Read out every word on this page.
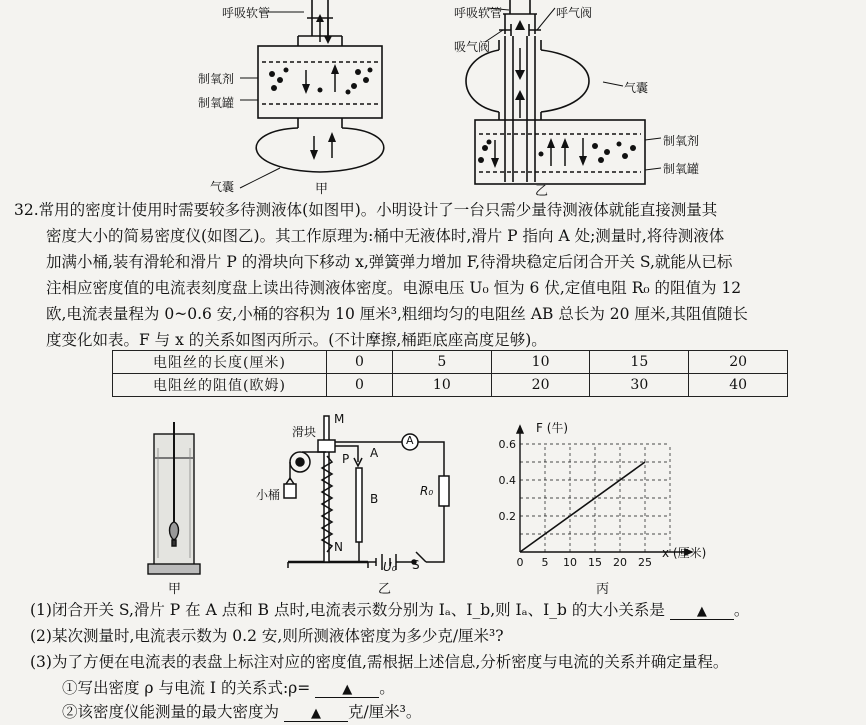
呼吸软管
制氧剂
制氧罐
气囊	甲
呼吸软管	呼气阀
吸气阀
气囊
制氧剂
制氧罐
乙

32.常用的密度计使用时需要较多待测液体(如图甲)。小明设计了一台只需少量待测液体就能直接测量其

密度大小的简易密度仪(如图乙)。其工作原理为:桶中无液体时,滑片 P 指向 A 处;测量时,将待测液体

加满小桶,装有滑轮和滑片 P 的滑块向下移动 x,弹簧弹力增加 F,待滑块稳定后闭合开关 S,就能从已标

注相应密度值的电流表刻度盘上读出待测液体密度。电源电压 U₀ 恒为 6 伏,定值电阻 R₀ 的阻值为 12

欧,电流表量程为 0~0.6 安,小桶的容积为 10 厘米³,粗细均匀的电阻丝 AB 总长为 20 厘米,其阻值随长

度变化如表。F 与 x 的关系如图丙所示。(不计摩擦,桶距底座高度足够)。

电阻丝的长度(厘米)	0	5	10	15	20
电阻丝的阻值(欧姆)	0	10	20	30	40
甲
滑块
小桶
M
P A
B
N
A
R₀
U₀ S
乙
0 5 10 15 20 25
0.2
0.4
0.6
F (牛)
x (厘米)
丙
(1)闭合开关 S,滑片 P 在 A 点和 B 点时,电流表示数分别为 Iₐ、I_b,则 Iₐ、I_b 的大小关系是 ▲ 。
(2)某次测量时,电流表示数为 0.2 安,则所测液体密度为多少克/厘米³?
(3)为了方便在电流表的表盘上标注对应的密度值,需根据上述信息,分析密度与电流的关系并确定量程。
①写出密度 ρ 与电流 I 的关系式:ρ= ▲ 。
②该密度仪能测量的最大密度为 ▲ 克/厘米³。
